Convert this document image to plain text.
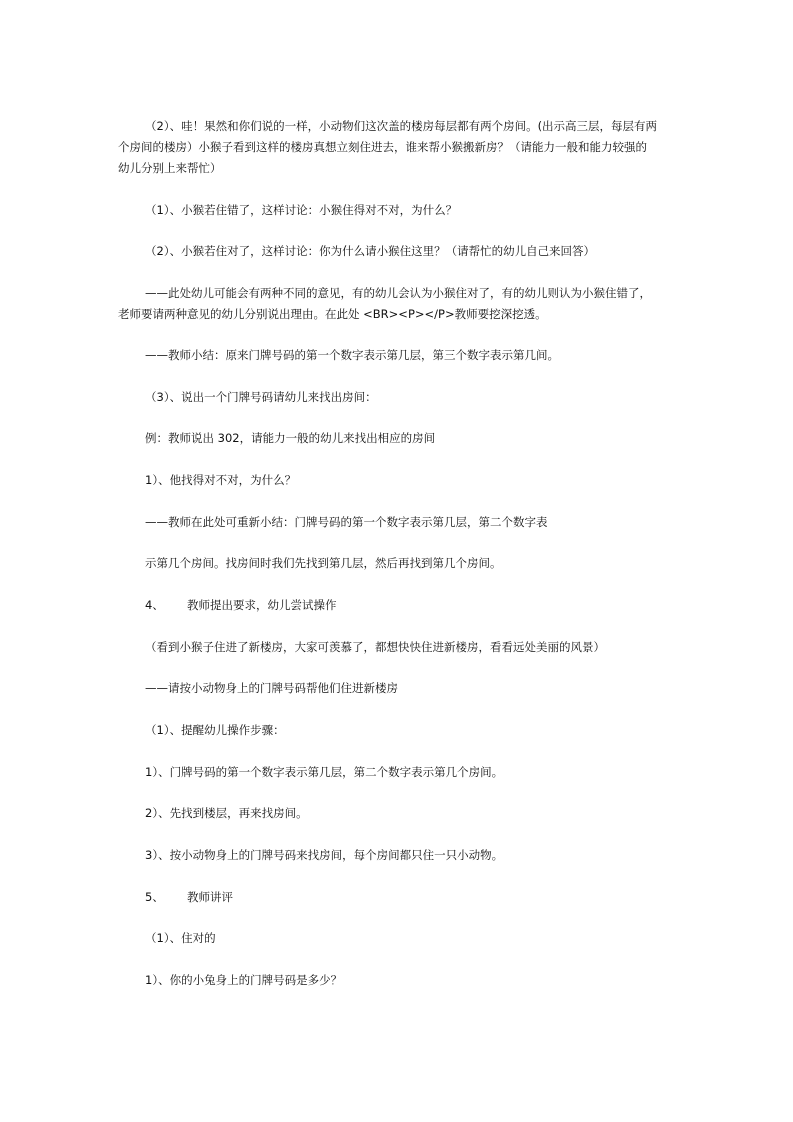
（2）、哇！果然和你们说的一样，小动物们这次盖的楼房每层都有两个房间。(出示高三层，每层有两
个房间的楼房）小猴子看到这样的楼房真想立刻住进去，谁来帮小猴搬新房？（请能力一般和能力较强的
幼儿分别上来帮忙）
（1）、小猴若住错了，这样讨论：小猴住得对不对，为什么？
（2）、小猴若住对了，这样讨论：你为什么请小猴住这里？（请帮忙的幼儿自己来回答）
——此处幼儿可能会有两种不同的意见，有的幼儿会认为小猴住对了，有的幼儿则认为小猴住错了，
老师要请两种意见的幼儿分别说出理由。在此处 <BR><P></P>教师要挖深挖透。
——教师小结：原来门牌号码的第一个数字表示第几层，第三个数字表示第几间。
（3）、说出一个门牌号码请幼儿来找出房间：
例：教师说出 302，请能力一般的幼儿来找出相应的房间
1）、他找得对不对，为什么？
——教师在此处可重新小结：门牌号码的第一个数字表示第几层，第二个数字表
示第几个房间。找房间时我们先找到第几层，然后再找到第几个房间。
4、 教师提出要求，幼儿尝试操作
（看到小猴子住进了新楼房，大家可羡慕了，都想快快住进新楼房，看看远处美丽的风景）
——请按小动物身上的门牌号码帮他们住进新楼房
（1）、提醒幼儿操作步骤：
1）、门牌号码的第一个数字表示第几层，第二个数字表示第几个房间。
2）、先找到楼层，再来找房间。
3）、按小动物身上的门牌号码来找房间，每个房间都只住一只小动物。
5、 教师讲评
（1）、住对的
1）、你的小兔身上的门牌号码是多少？
